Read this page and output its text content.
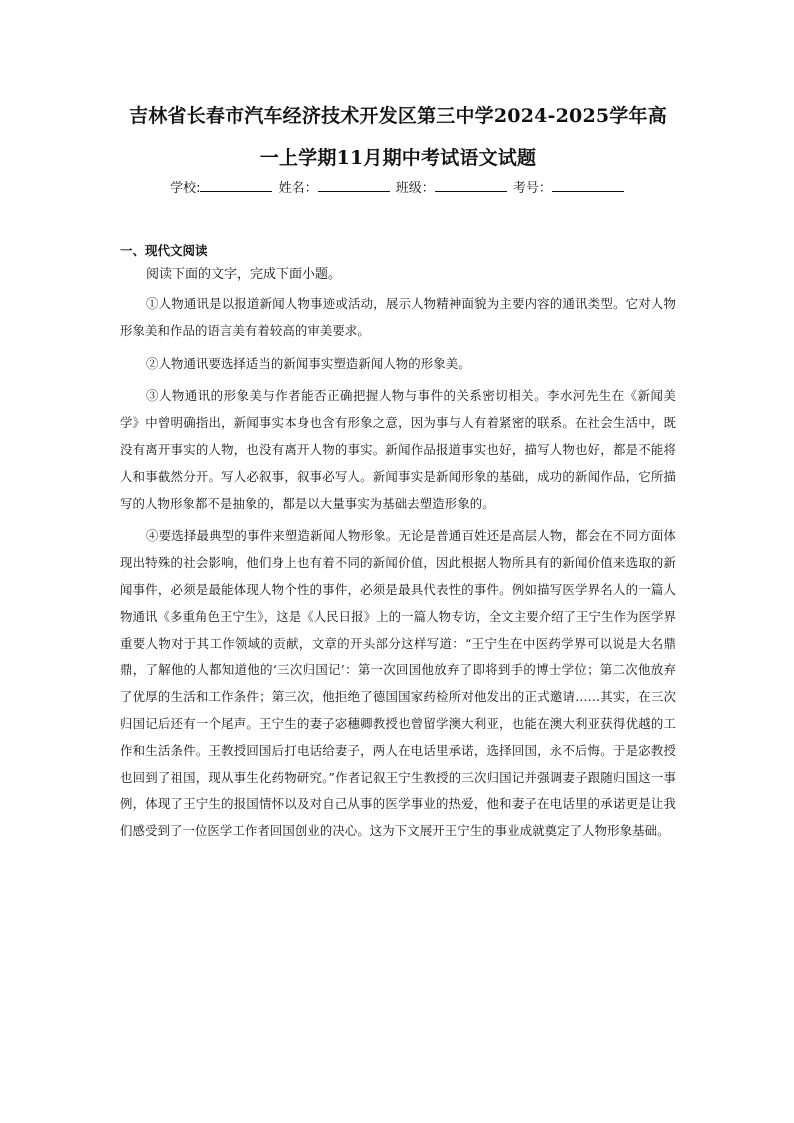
吉林省长春市汽车经济技术开发区第三中学2024-2025学年高
一上学期11月期中考试语文试题
学校:	姓名：	班级：	考号：
一、现代文阅读
阅读下面的文字，完成下面小题。

①人物通讯是以报道新闻人物事迹或活动，展示人物精神面貌为主要内容的通讯类型。它对人物形象美和作品的语言美有着较高的审美要求。

②人物通讯要选择适当的新闻事实塑造新闻人物的形象美。

③人物通讯的形象美与作者能否正确把握人物与事件的关系密切相关。李水河先生在《新闻美学》中曾明确指出，新闻事实本身也含有形象之意，因为事与人有着紧密的联系。在社会生活中，既没有离开事实的人物，也没有离开人物的事实。新闻作品报道事实也好，描写人物也好，都是不能将人和事截然分开。写人必叙事，叙事必写人。新闻事实是新闻形象的基础，成功的新闻作品，它所描写的人物形象都不是抽象的，都是以大量事实为基础去塑造形象的。

④要选择最典型的事件来塑造新闻人物形象。无论是普通百姓还是高层人物，都会在不同方面体现出特殊的社会影响，他们身上也有着不同的新闻价值，因此根据人物所具有的新闻价值来选取的新闻事件，必须是最能体现人物个性的事件，必须是最具代表性的事件。例如描写医学界名人的一篇人物通讯《多重角色王宁生》，这是《人民日报》上的一篇人物专访，全文主要介绍了王宁生作为医学界重要人物对于其工作领域的贡献，文章的开头部分这样写道：“王宁生在中医药学界可以说是大名鼎鼎，了解他的人都知道他的‘三次归国记’：第一次回国他放弃了即将到手的博士学位；第二次他放弃了优厚的生活和工作条件；第三次，他拒绝了德国国家药检所对他发出的正式邀请……其实，在三次归国记后还有一个尾声。王宁生的妻子宓穗卿教授也曾留学澳大利亚，也能在澳大利亚获得优越的工作和生活条件。王教授回国后打电话给妻子，两人在电话里承诺，选择回国，永不后悔。于是宓教授也回到了祖国，现从事生化药物研究。”作者记叙王宁生教授的三次归国记并强调妻子跟随归国这一事例，体现了王宁生的报国情怀以及对自己从事的医学事业的热爱，他和妻子在电话里的承诺更是让我们感受到了一位医学工作者回国创业的决心。这为下文展开王宁生的事业成就奠定了人物形象基础。
